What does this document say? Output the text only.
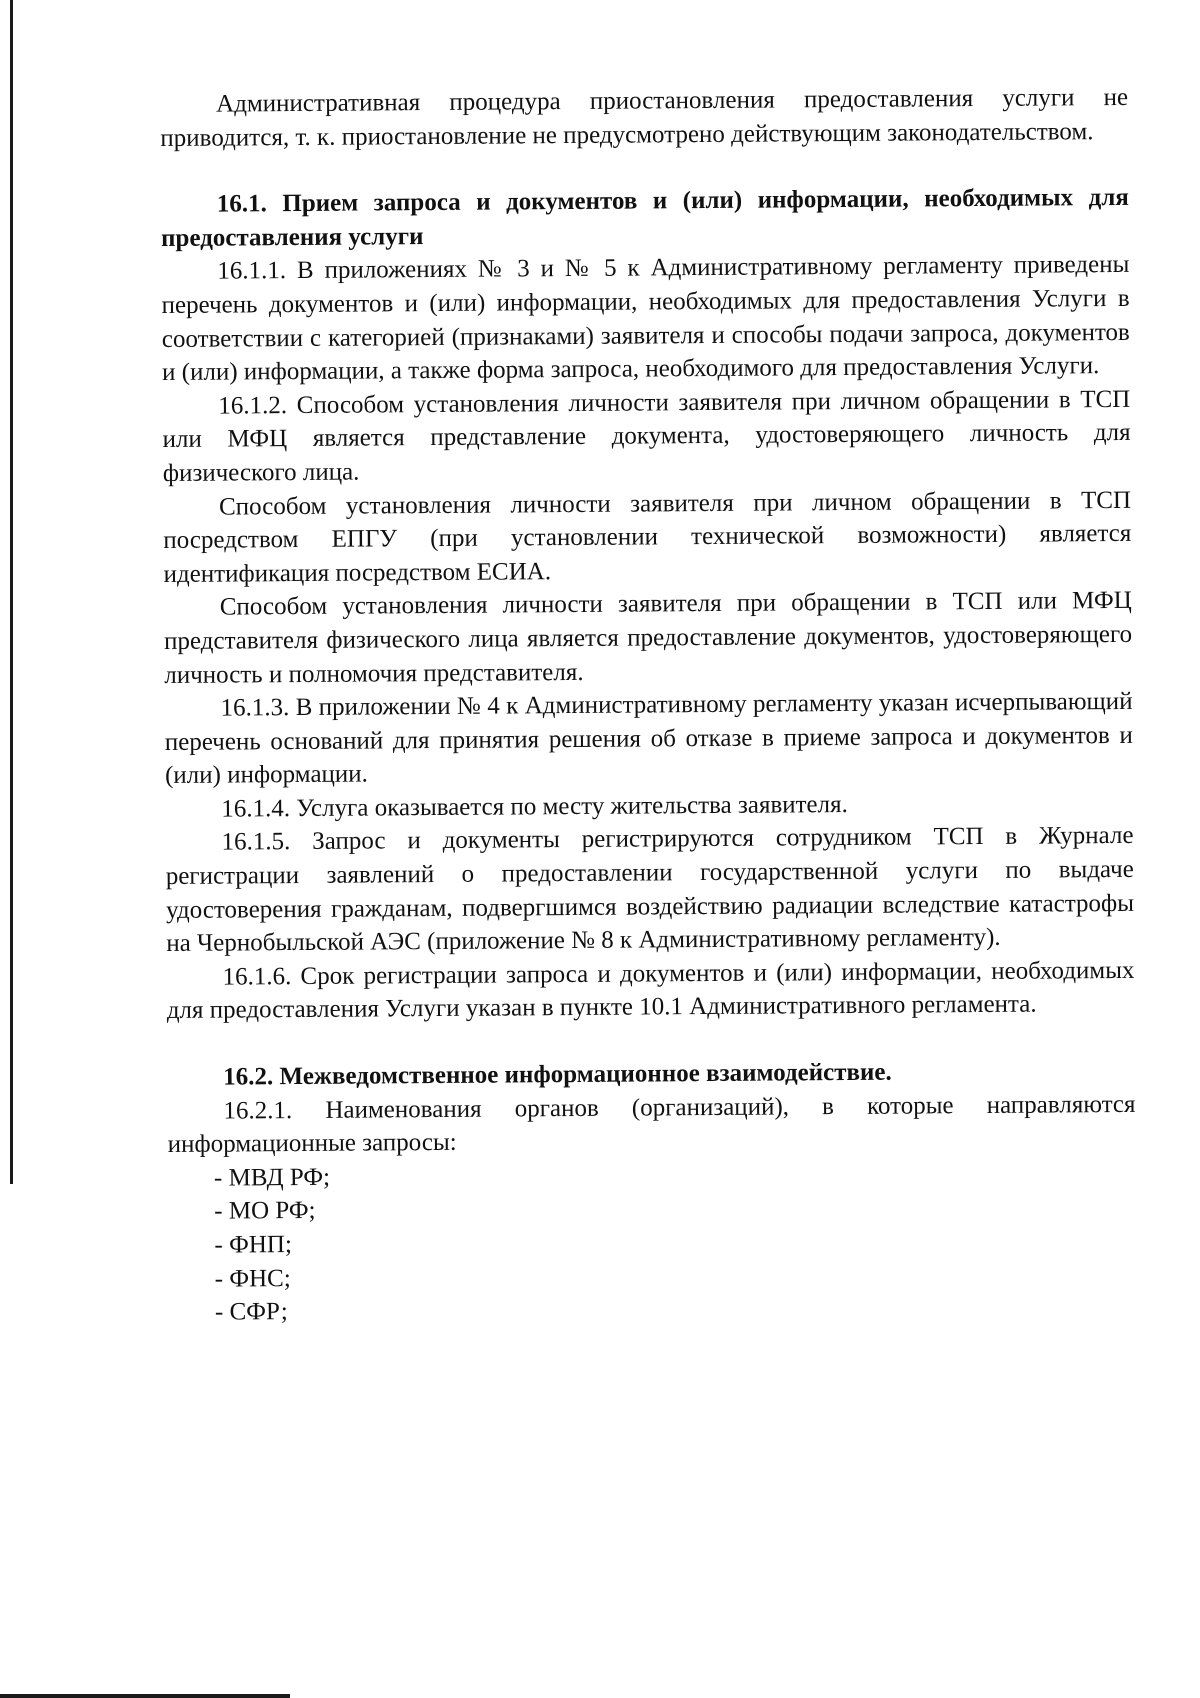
Административная процедура приостановления предоставления услуги не приводится, т. к. приостановление не предусмотрено действующим законодательством.

16.1. Прием запроса и документов и (или) информации, необходимых для предоставления услуги

16.1.1. В приложениях № 3 и № 5 к Административному регламенту приведены перечень документов и (или) информации, необходимых для предоставления Услуги в соответствии с категорией (признаками) заявителя и способы подачи запроса, документов и (или) информации, а также форма запроса, необходимого для предоставления Услуги.

16.1.2. Способом установления личности заявителя при личном обращении в ТСП или МФЦ является представление документа, удостоверяющего личность для физического лица.

Способом установления личности заявителя при личном обращении в ТСП посредством ЕПГУ (при установлении технической возможности) является идентификация посредством ЕСИА.

Способом установления личности заявителя при обращении в ТСП или МФЦ представителя физического лица является предоставление документов, удостоверяющего личность и полномочия представителя.

16.1.3. В приложении № 4 к Административному регламенту указан исчерпывающий перечень оснований для принятия решения об отказе в приеме запроса и документов и (или) информации.

16.1.4. Услуга оказывается по месту жительства заявителя.

16.1.5. Запрос и документы регистрируются сотрудником ТСП в Журнале регистрации заявлений о предоставлении государственной услуги по выдаче удостоверения гражданам, подвергшимся воздействию радиации вследствие катастрофы на Чернобыльской АЭС (приложение № 8 к Административному регламенту).

16.1.6. Срок регистрации запроса и документов и (или) информации, необходимых для предоставления Услуги указан в пункте 10.1 Административного регламента.

16.2. Межведомственное информационное взаимодействие.

16.2.1. Наименования органов (организаций), в которые направляются информационные запросы:

- МВД РФ;

- МО РФ;

- ФНП;

- ФНС;

- СФР;
